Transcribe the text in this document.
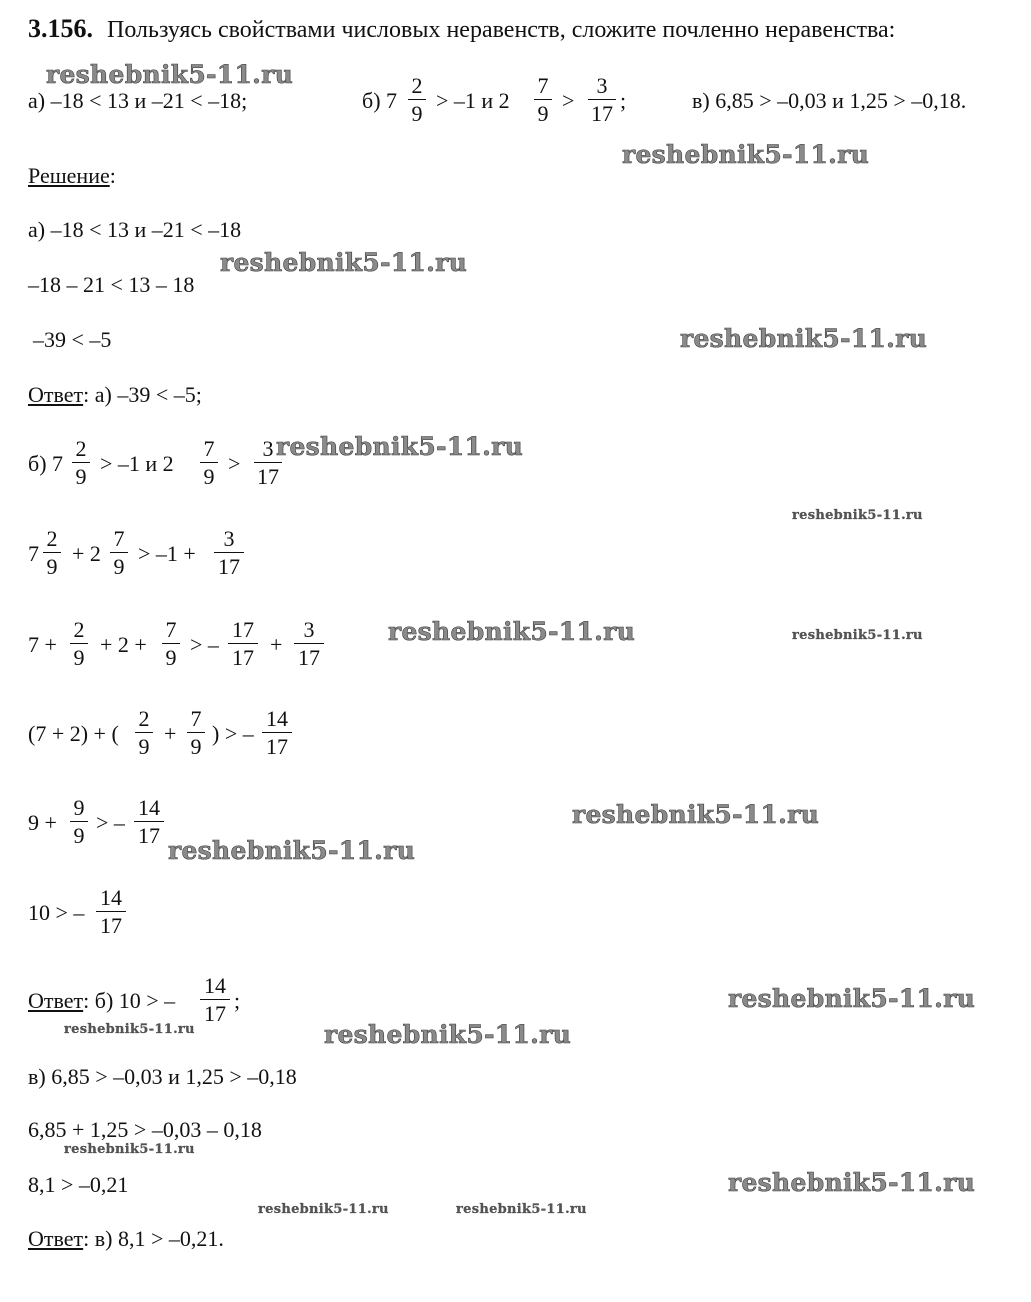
3.156. Пользуясь свойствами числовых неравенств, сложите почленно неравенства:
а) –18 < 13 и –21 < –18;	б) 7
2
9
> –1 и 2
7
9
>
3
17
;	в) 6,85 > –0,03 и 1,25 > –0,18.
Решение:
а) –18 < 13 и –21 < –18
–18 – 21 < 13 – 18
–39 < –5
Ответ: а) –39 < –5;
б) 7
2
9
> –1 и 2
7
9
>
3
17
7
2
9
+ 2
7
9
> –1 +
3
17
7 +
2
9
+ 2 +
7
9
> –
17
17
+
3
17
(7 + 2) + (
2
9
+
7
9
) > –
14
17
9 +
9
9
> –
14
17
10 > –
14
17
Ответ: б) 10 > –
14
17
;
в) 6,85 > –0,03 и 1,25 > –0,18
6,85 + 1,25 > –0,03 – 0,18
8,1 > –0,21
Ответ: в) 8,1 > –0,21.
reshebnik5-11.ru
reshebnik5-11.ru
reshebnik5-11.ru
reshebnik5-11.ru
reshebnik5-11.ru
reshebnik5-11.ru
reshebnik5-11.ru	reshebnik5-11.ru
reshebnik5-11.ru
reshebnik5-11.ru
reshebnik5-11.ru
reshebnik5-11.ru	reshebnik5-11.ru
reshebnik5-11.ru
reshebnik5-11.ru
reshebnik5-11.ru	reshebnik5-11.ru
